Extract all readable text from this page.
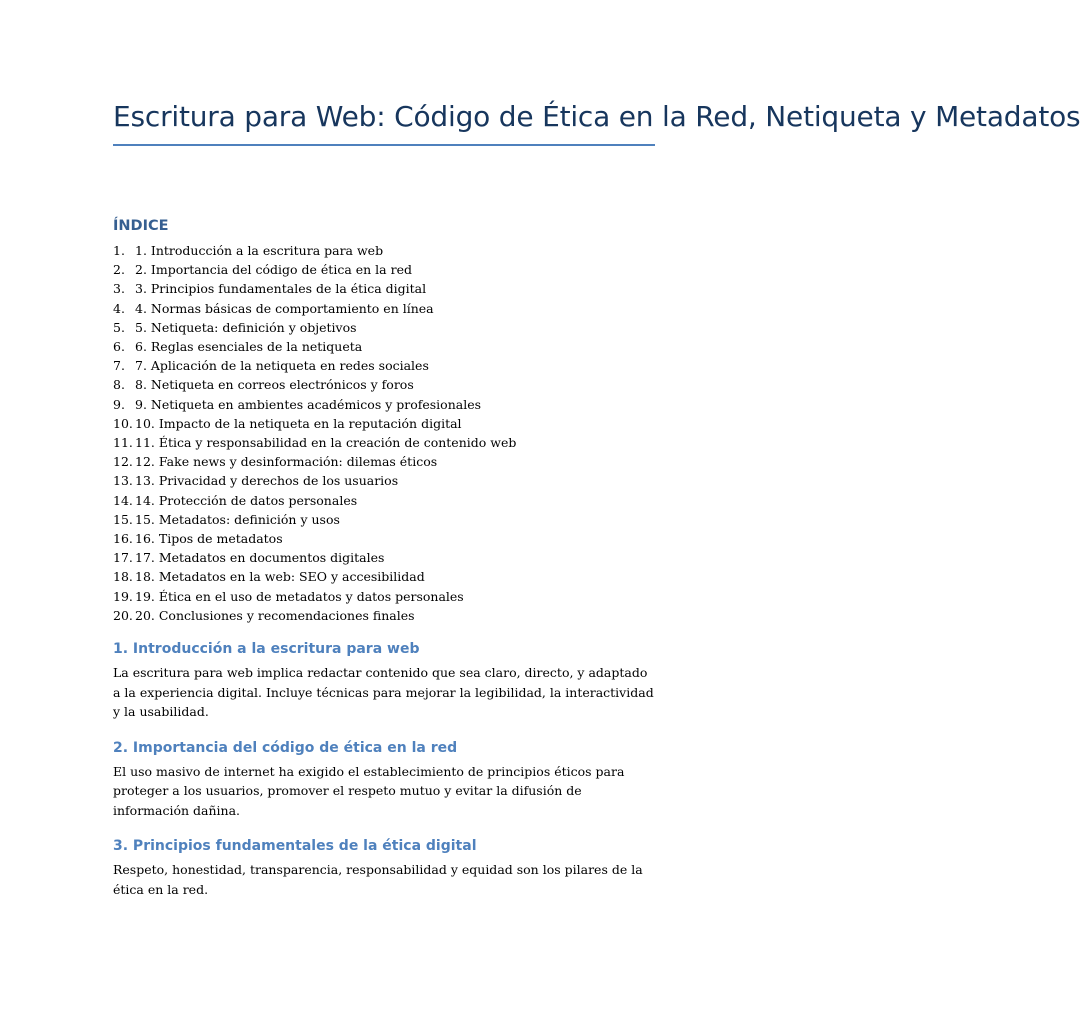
Escritura para Web: Código de Ética en la Red, Netiqueta y Metadatos
ÍNDICE
1. 1. Introducción a la escritura para web
2. 2. Importancia del código de ética en la red
3. 3. Principios fundamentales de la ética digital
4. 4. Normas básicas de comportamiento en línea
5. 5. Netiqueta: definición y objetivos
6. 6. Reglas esenciales de la netiqueta
7. 7. Aplicación de la netiqueta en redes sociales
8. 8. Netiqueta en correos electrónicos y foros
9. 9. Netiqueta en ambientes académicos y profesionales
10. 10. Impacto de la netiqueta en la reputación digital
11. 11. Ética y responsabilidad en la creación de contenido web
12. 12. Fake news y desinformación: dilemas éticos
13. 13. Privacidad y derechos de los usuarios
14. 14. Protección de datos personales
15. 15. Metadatos: definición y usos
16. 16. Tipos de metadatos
17. 17. Metadatos en documentos digitales
18. 18. Metadatos en la web: SEO y accesibilidad
19. 19. Ética en el uso de metadatos y datos personales
20. 20. Conclusiones y recomendaciones finales
1. Introducción a la escritura para web

La escritura para web implica redactar contenido que sea claro, directo, y adaptado a la experiencia digital. Incluye técnicas para mejorar la legibilidad, la interactividad y la usabilidad.

2. Importancia del código de ética en la red

El uso masivo de internet ha exigido el establecimiento de principios éticos para proteger a los usuarios, promover el respeto mutuo y evitar la difusión de información dañina.

3. Principios fundamentales de la ética digital

Respeto, honestidad, transparencia, responsabilidad y equidad son los pilares de la ética en la red.
